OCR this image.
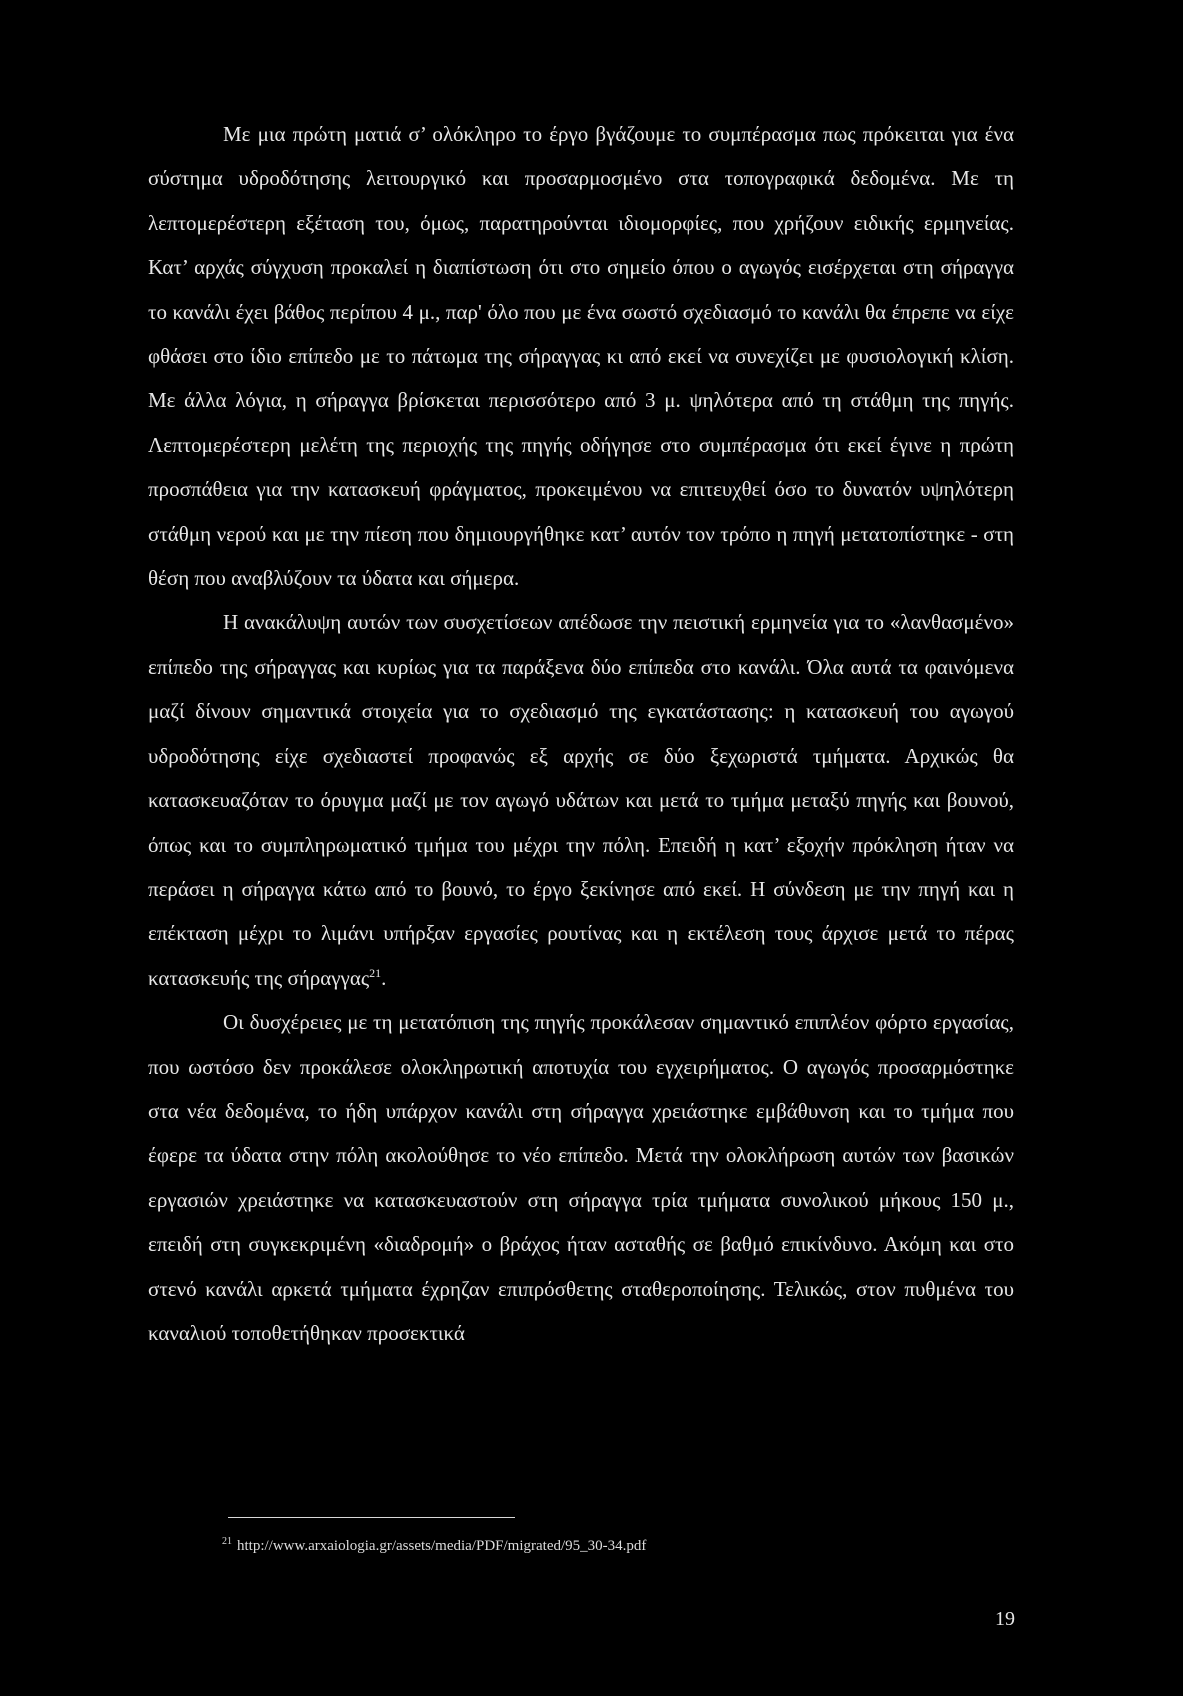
Με μια πρώτη ματιά σ’ ολόκληρο το έργο βγάζουμε το συμπέρασμα πως πρόκειται για ένα σύστημα υδροδότησης λειτουργικό και προσαρμοσμένο στα τοπογραφικά δεδομένα. Με τη λεπτομερέστερη εξέταση του, όμως, παρατηρούνται ιδιομορφίες, που χρήζουν ειδικής ερμηνείας. Κατ’ αρχάς σύγχυση προκαλεί η διαπίστωση ότι στο σημείο όπου ο αγωγός εισέρχεται στη σήραγγα το κανάλι έχει βάθος περίπου 4 μ., παρ' όλο που με ένα σωστό σχεδιασμό το κανάλι θα έπρεπε να είχε φθάσει στο ίδιο επίπεδο με το πάτωμα της σήραγγας κι από εκεί να συνεχίζει με φυσιολογική κλίση. Με άλλα λόγια, η σήραγγα βρίσκεται περισσότερο από 3 μ. ψηλότερα από τη στάθμη της πηγής. Λεπτομερέστερη μελέτη της περιοχής της πηγής οδήγησε στο συμπέρασμα ότι εκεί έγινε η πρώτη προσπάθεια για την κατασκευή φράγματος, προκειμένου να επιτευχθεί όσο το δυνατόν υψηλότερη στάθμη νερού και με την πίεση που δημιουργήθηκε κατ’ αυτόν τον τρόπο η πηγή μετατοπίστηκε - στη θέση που αναβλύζουν τα ύδατα και σήμερα.

Η ανακάλυψη αυτών των συσχετίσεων απέδωσε την πειστική ερμηνεία για το «λανθασμένο» επίπεδο της σήραγγας και κυρίως για τα παράξενα δύο επίπεδα στο κανάλι. Όλα αυτά τα φαινόμενα μαζί δίνουν σημαντικά στοιχεία για το σχεδιασμό της εγκατάστασης: η κατασκευή του αγωγού υδροδότησης είχε σχεδιαστεί προφανώς εξ αρχής σε δύο ξεχωριστά τμήματα. Αρχικώς θα κατασκευαζόταν το όρυγμα μαζί με τον αγωγό υδάτων και μετά το τμήμα μεταξύ πηγής και βουνού, όπως και το συμπληρωματικό τμήμα του μέχρι την πόλη. Επειδή η κατ’ εξοχήν πρόκληση ήταν να περάσει η σήραγγα κάτω από το βουνό, το έργο ξεκίνησε από εκεί. Η σύνδεση με την πηγή και η επέκταση μέχρι το λιμάνι υπήρξαν εργασίες ρουτίνας και η εκτέλεση τους άρχισε μετά το πέρας κατασκευής της σήραγγας$^{21}$.

Οι δυσχέρειες με τη μετατόπιση της πηγής προκάλεσαν σημαντικό επιπλέον φόρτο εργασίας, που ωστόσο δεν προκάλεσε ολοκληρωτική αποτυχία του εγχειρήματος. Ο αγωγός προσαρμόστηκε στα νέα δεδομένα, το ήδη υπάρχον κανάλι στη σήραγγα χρειάστηκε εμβάθυνση και το τμήμα που έφερε τα ύδατα στην πόλη ακολούθησε το νέο επίπεδο. Μετά την ολοκλήρωση αυτών των βασικών εργασιών χρειάστηκε να κατασκευαστούν στη σήραγγα τρία τμήματα συνολικού μήκους 150 μ., επειδή στη συγκεκριμένη «διαδρομή» ο βράχος ήταν ασταθής σε βαθμό επικίνδυνο. Ακόμη και στο στενό κανάλι αρκετά τμήματα έχρηζαν επιπρόσθετης σταθεροποίησης. Τελικώς, στον πυθμένα του καναλιού τοποθετήθηκαν προσεκτικά

$^{21}$ http://www.arxaiologia.gr/assets/media/PDF/migrated/95_30-34.pdf
19
